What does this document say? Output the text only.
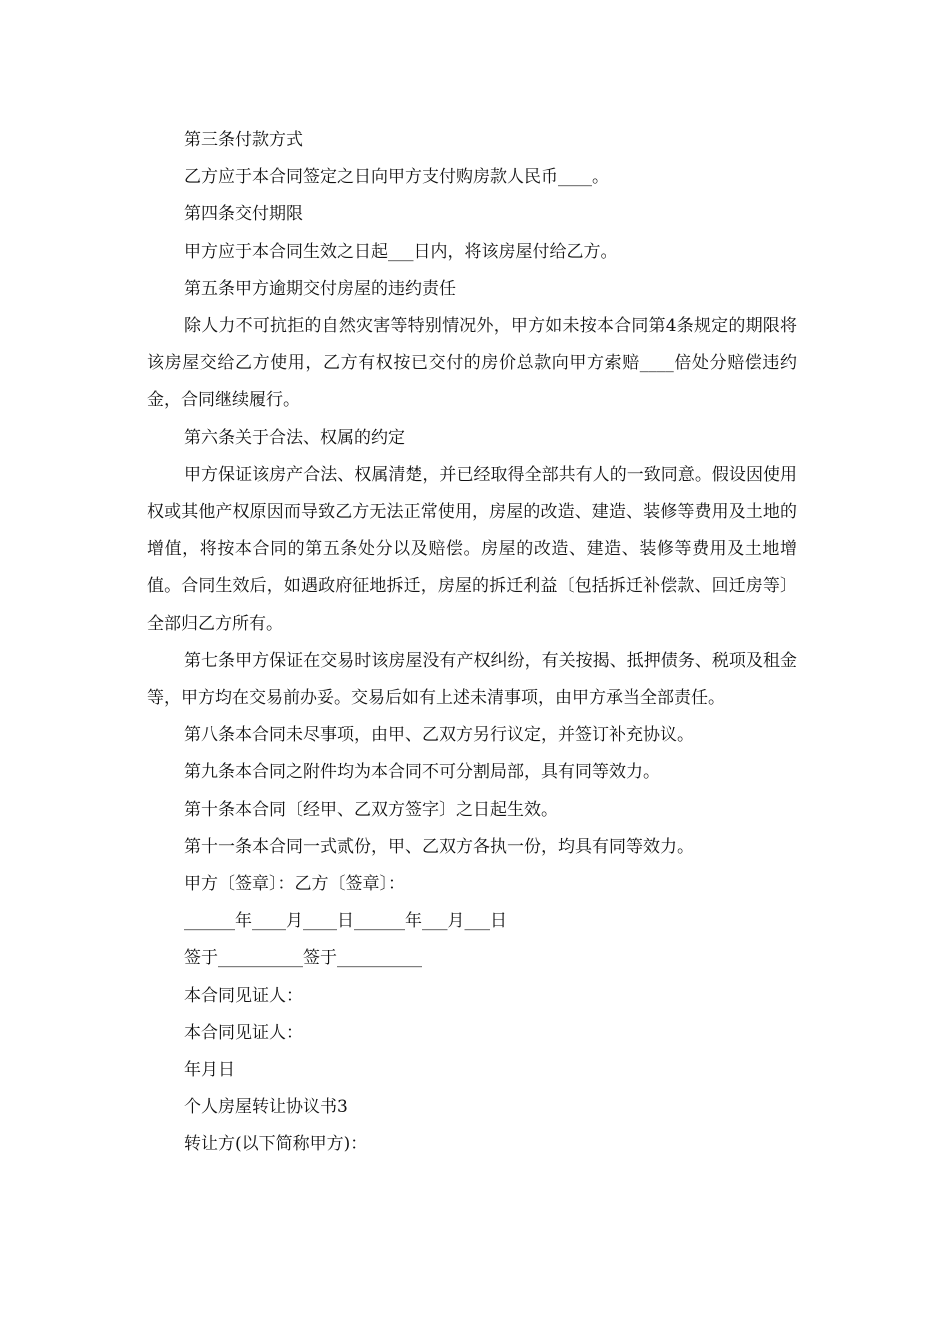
第三条付款方式

乙方应于本合同签定之日向甲方支付购房款人民币____。

第四条交付期限

甲方应于本合同生效之日起___日内，将该房屋付给乙方。

第五条甲方逾期交付房屋的违约责任

除人力不可抗拒的自然灾害等特别情况外，甲方如未按本合同第4条规定的期限将该房屋交给乙方使用，乙方有权按已交付的房价总款向甲方索赔____倍处分赔偿违约金，合同继续履行。

第六条关于合法、权属的约定

甲方保证该房产合法、权属清楚，并已经取得全部共有人的一致同意。假设因使用权或其他产权原因而导致乙方无法正常使用，房屋的改造、建造、装修等费用及土地的增值，将按本合同的第五条处分以及赔偿。房屋的改造、建造、装修等费用及土地增值。合同生效后，如遇政府征地拆迁，房屋的拆迁利益〔包括拆迁补偿款、回迁房等〕全部归乙方所有。

第七条甲方保证在交易时该房屋没有产权纠纷，有关按揭、抵押债务、税项及租金等，甲方均在交易前办妥。交易后如有上述未清事项，由甲方承当全部责任。

第八条本合同未尽事项，由甲、乙双方另行议定，并签订补充协议。

第九条本合同之附件均为本合同不可分割局部，具有同等效力。

第十条本合同〔经甲、乙双方签字〕之日起生效。

第十一条本合同一式贰份，甲、乙双方各执一份，均具有同等效力。

甲方〔签章〕：乙方〔签章〕：

______年____月____日______年___月___日

签于__________签于__________

本合同见证人：

本合同见证人：

年月日

个人房屋转让协议书3

转让方(以下简称甲方)：
